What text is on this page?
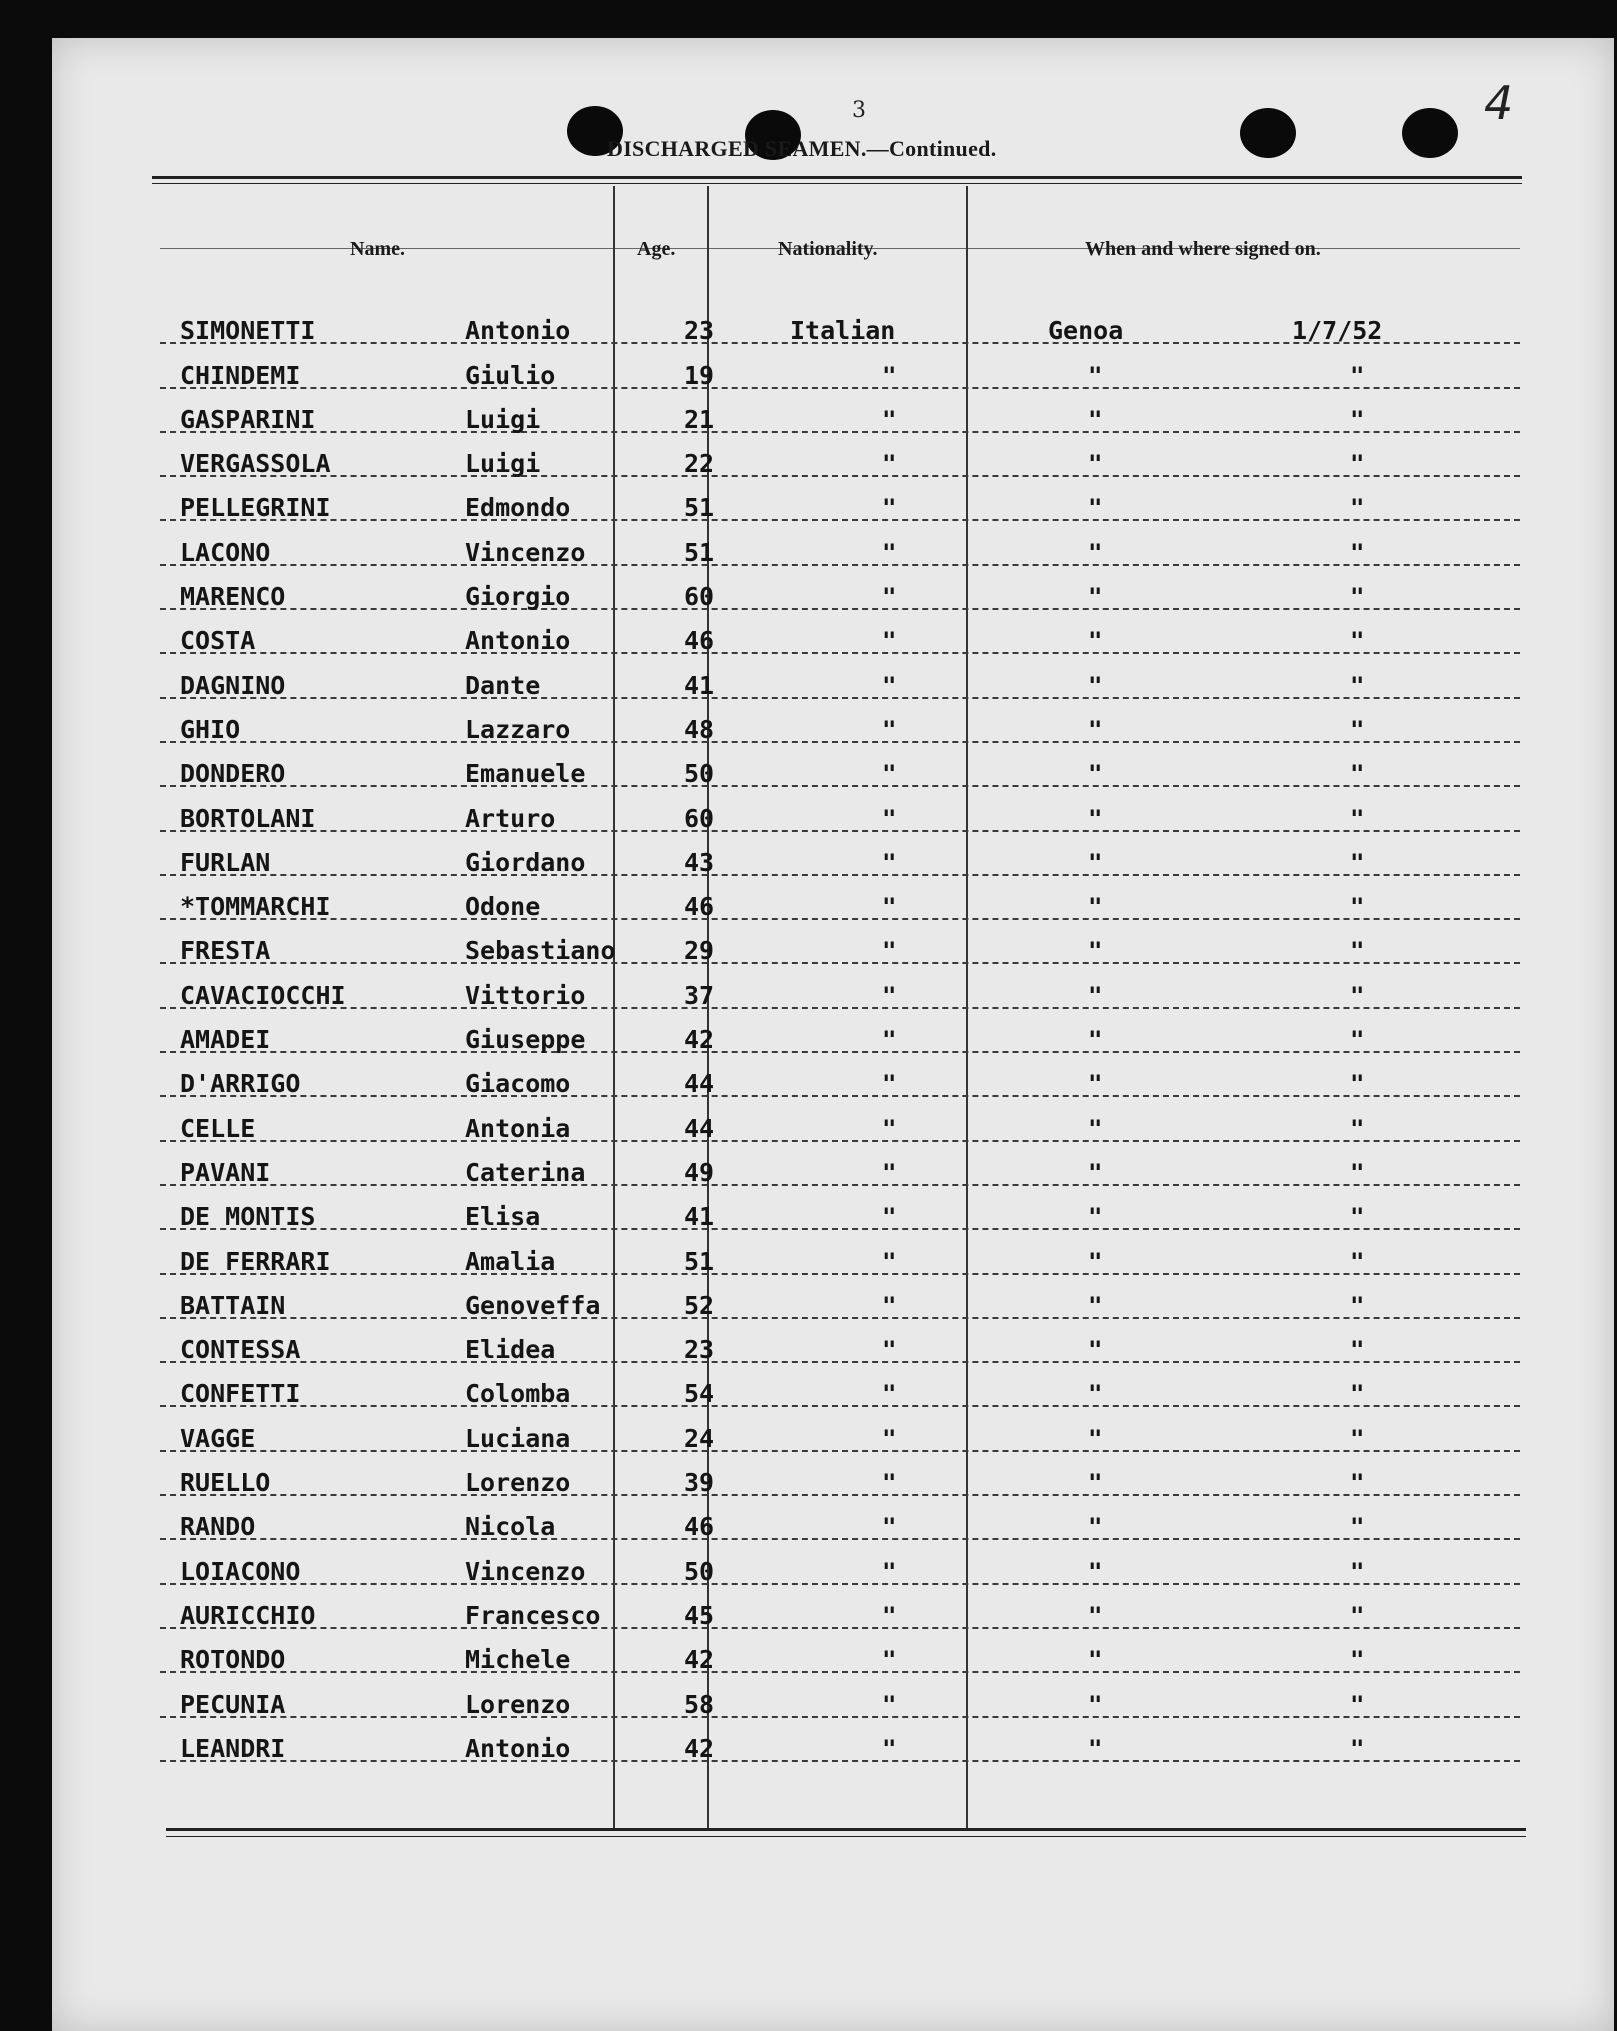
3	4
DISCHARGED SEAMEN.—Continued.
Name.	Age.	Nationality.	When and where signed on.
SIMONETTI	Antonio	23	Italian	Genoa	1/7/52
CHINDEMI	Giulio	19	"	"	"
GASPARINI	Luigi	21	"	"	"
VERGASSOLA	Luigi	22	"	"	"
PELLEGRINI	Edmondo	51	"	"	"
LACONO	Vincenzo	51	"	"	"
MARENCO	Giorgio	60	"	"	"
COSTA	Antonio	46	"	"	"
DAGNINO	Dante	41	"	"	"
GHIO	Lazzaro	48	"	"	"
DONDERO	Emanuele	50	"	"	"
BORTOLANI	Arturo	60	"	"	"
FURLAN	Giordano	43	"	"	"
*TOMMARCHI	Odone	46	"	"	"
FRESTA	Sebastiano	29	"	"	"
CAVACIOCCHI	Vittorio	37	"	"	"
AMADEI	Giuseppe	42	"	"	"
D'ARRIGO	Giacomo	44	"	"	"
CELLE	Antonia	44	"	"	"
PAVANI	Caterina	49	"	"	"
DE MONTIS	Elisa	41	"	"	"
DE FERRARI	Amalia	51	"	"	"
BATTAIN	Genoveffa	52	"	"	"
CONTESSA	Elidea	23	"	"	"
CONFETTI	Colomba	54	"	"	"
VAGGE	Luciana	24	"	"	"
RUELLO	Lorenzo	39	"	"	"
RANDO	Nicola	46	"	"	"
LOIACONO	Vincenzo	50	"	"	"
AURICCHIO	Francesco	45	"	"	"
ROTONDO	Michele	42	"	"	"
PECUNIA	Lorenzo	58	"	"	"
LEANDRI	Antonio	42	"	"	"
